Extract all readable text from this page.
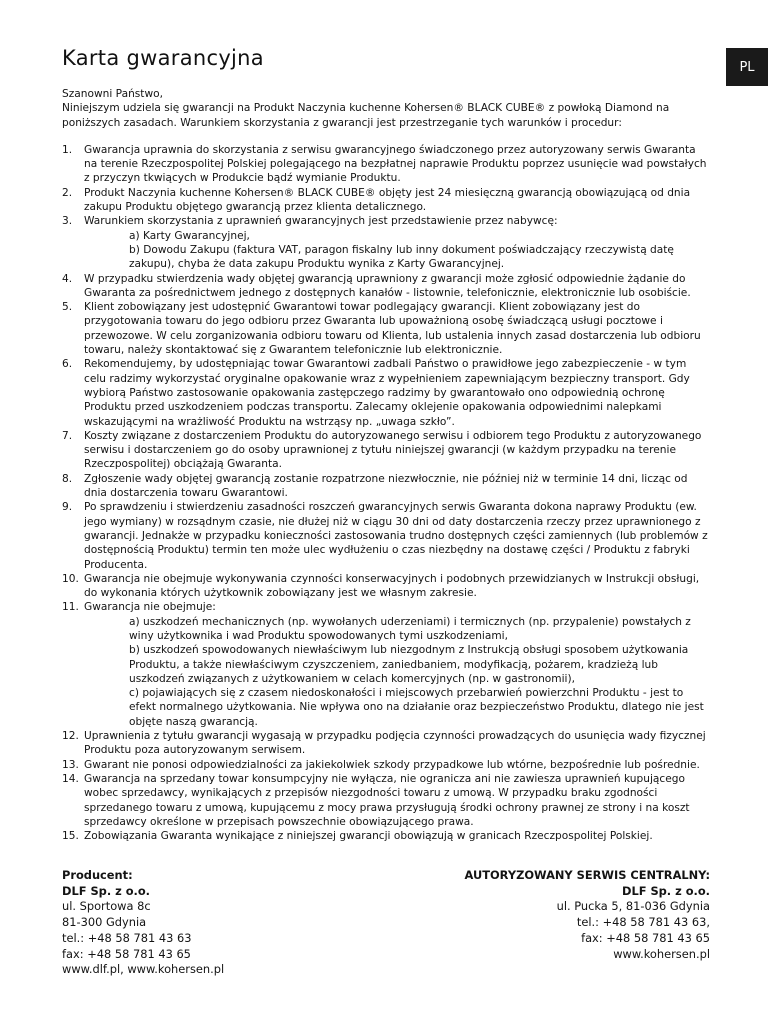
Karta gwarancyjna	PL
Szanowni Państwo,
Niniejszym udziela się gwarancji na Produkt Naczynia kuchenne Kohersen® BLACK CUBE® z powłoką Diamond na poniższych zasadach. Warunkiem skorzystania z gwarancji jest przestrzeganie tych warunków i procedur:
1. Gwarancja uprawnia do skorzystania z serwisu gwarancyjnego świadczonego przez autoryzowany serwis Gwaranta na terenie Rzeczpospolitej Polskiej polegającego na bezpłatnej naprawie Produktu poprzez usunięcie wad powstałych z przyczyn tkwiących w Produkcie bądź wymianie Produktu.
2. Produkt Naczynia kuchenne Kohersen® BLACK CUBE® objęty jest 24 miesięczną gwarancją obowiązującą od dnia zakupu Produktu objętego gwarancją przez klienta detalicznego.
3. Warunkiem skorzystania z uprawnień gwarancyjnych jest przedstawienie przez nabywcę:
a) Karty Gwarancyjnej,
b) Dowodu Zakupu (faktura VAT, paragon fiskalny lub inny dokument poświadczający rzeczywistą datę zakupu), chyba że data zakupu Produktu wynika z Karty Gwarancyjnej.
4. W przypadku stwierdzenia wady objętej gwarancją uprawniony z gwarancji może zgłosić odpowiednie żądanie do Gwaranta za pośrednictwem jednego z dostępnych kanałów - listownie, telefonicznie, elektronicznie lub osobiście.
5. Klient zobowiązany jest udostępnić Gwarantowi towar podlegający gwarancji. Klient zobowiązany jest do przygotowania towaru do jego odbioru przez Gwaranta lub upoważnioną osobę świadczącą usługi pocztowe i przewozowe. W celu zorganizowania odbioru towaru od Klienta, lub ustalenia innych zasad dostarczenia lub odbioru towaru, należy skontaktować się z Gwarantem telefonicznie lub elektronicznie.
6. Rekomendujemy, by udostępniając towar Gwarantowi zadbali Państwo o prawidłowe jego zabezpieczenie - w tym celu radzimy wykorzystać oryginalne opakowanie wraz z wypełnieniem zapewniającym bezpieczny transport. Gdy wybiorą Państwo zastosowanie opakowania zastępczego radzimy by gwarantowało ono odpowiednią ochronę Produktu przed uszkodzeniem podczas transportu. Zalecamy oklejenie opakowania odpowiednimi nalepkami wskazującymi na wrażliwość Produktu na wstrząsy np. „uwaga szkło”.
7. Koszty związane z dostarczeniem Produktu do autoryzowanego serwisu i odbiorem tego Produktu z autoryzowanego serwisu i dostarczeniem go do osoby uprawnionej z tytułu niniejszej gwarancji (w każdym przypadku na terenie Rzeczpospolitej) obciążają Gwaranta.
8. Zgłoszenie wady objętej gwarancją zostanie rozpatrzone niezwłocznie, nie później niż w terminie 14 dni, licząc od dnia dostarczenia towaru Gwarantowi.
9. Po sprawdzeniu i stwierdzeniu zasadności roszczeń gwarancyjnych serwis Gwaranta dokona naprawy Produktu (ew. jego wymiany) w rozsądnym czasie, nie dłużej niż w ciągu 30 dni od daty dostarczenia rzeczy przez uprawnionego z gwarancji. Jednakże w przypadku konieczności zastosowania trudno dostępnych części zamiennych (lub problemów z dostępnością Produktu) termin ten może ulec wydłużeniu o czas niezbędny na dostawę części / Produktu z fabryki Producenta.
10. Gwarancja nie obejmuje wykonywania czynności konserwacyjnych i podobnych przewidzianych w Instrukcji obsługi, do wykonania których użytkownik zobowiązany jest we własnym zakresie.
11. Gwarancja nie obejmuje:
a) uszkodzeń mechanicznych (np. wywołanych uderzeniami) i termicznych (np. przypalenie) powstałych z winy użytkownika i wad Produktu spowodowanych tymi uszkodzeniami,
b) uszkodzeń spowodowanych niewłaściwym lub niezgodnym z Instrukcją obsługi sposobem użytkowania Produktu, a także niewłaściwym czyszczeniem, zaniedbaniem, modyfikacją, pożarem, kradzieżą lub uszkodzeń związanych z użytkowaniem w celach komercyjnych (np. w gastronomii),
c) pojawiających się z czasem niedoskonałości i miejscowych przebarwień powierzchni Produktu - jest to efekt normalnego użytkowania. Nie wpływa ono na działanie oraz bezpieczeństwo Produktu, dlatego nie jest objęte naszą gwarancją.
12. Uprawnienia z tytułu gwarancji wygasają w przypadku podjęcia czynności prowadzących do usunięcia wady fizycznej Produktu poza autoryzowanym serwisem.
13. Gwarant nie ponosi odpowiedzialności za jakiekolwiek szkody przypadkowe lub wtórne, bezpośrednie lub pośrednie.
14. Gwarancja na sprzedany towar konsumpcyjny nie wyłącza, nie ogranicza ani nie zawiesza uprawnień kupującego wobec sprzedawcy, wynikających z przepisów niezgodności towaru z umową. W przypadku braku zgodności sprzedanego towaru z umową, kupującemu z mocy prawa przysługują środki ochrony prawnej ze strony i na koszt sprzedawcy określone w przepisach powszechnie obowiązującego prawa.
15. Zobowiązania Gwaranta wynikające z niniejszej gwarancji obowiązują w granicach Rzeczpospolitej Polskiej.
Producent:
DLF Sp. z o.o.
ul. Sportowa 8c
81-300 Gdynia
tel.: +48 58 781 43 63
fax: +48 58 781 43 65
www.dlf.pl, www.kohersen.pl
AUTORYZOWANY SERWIS CENTRALNY:
DLF Sp. z o.o.
ul. Pucka 5, 81-036 Gdynia
tel.: +48 58 781 43 63,
fax: +48 58 781 43 65
www.kohersen.pl
